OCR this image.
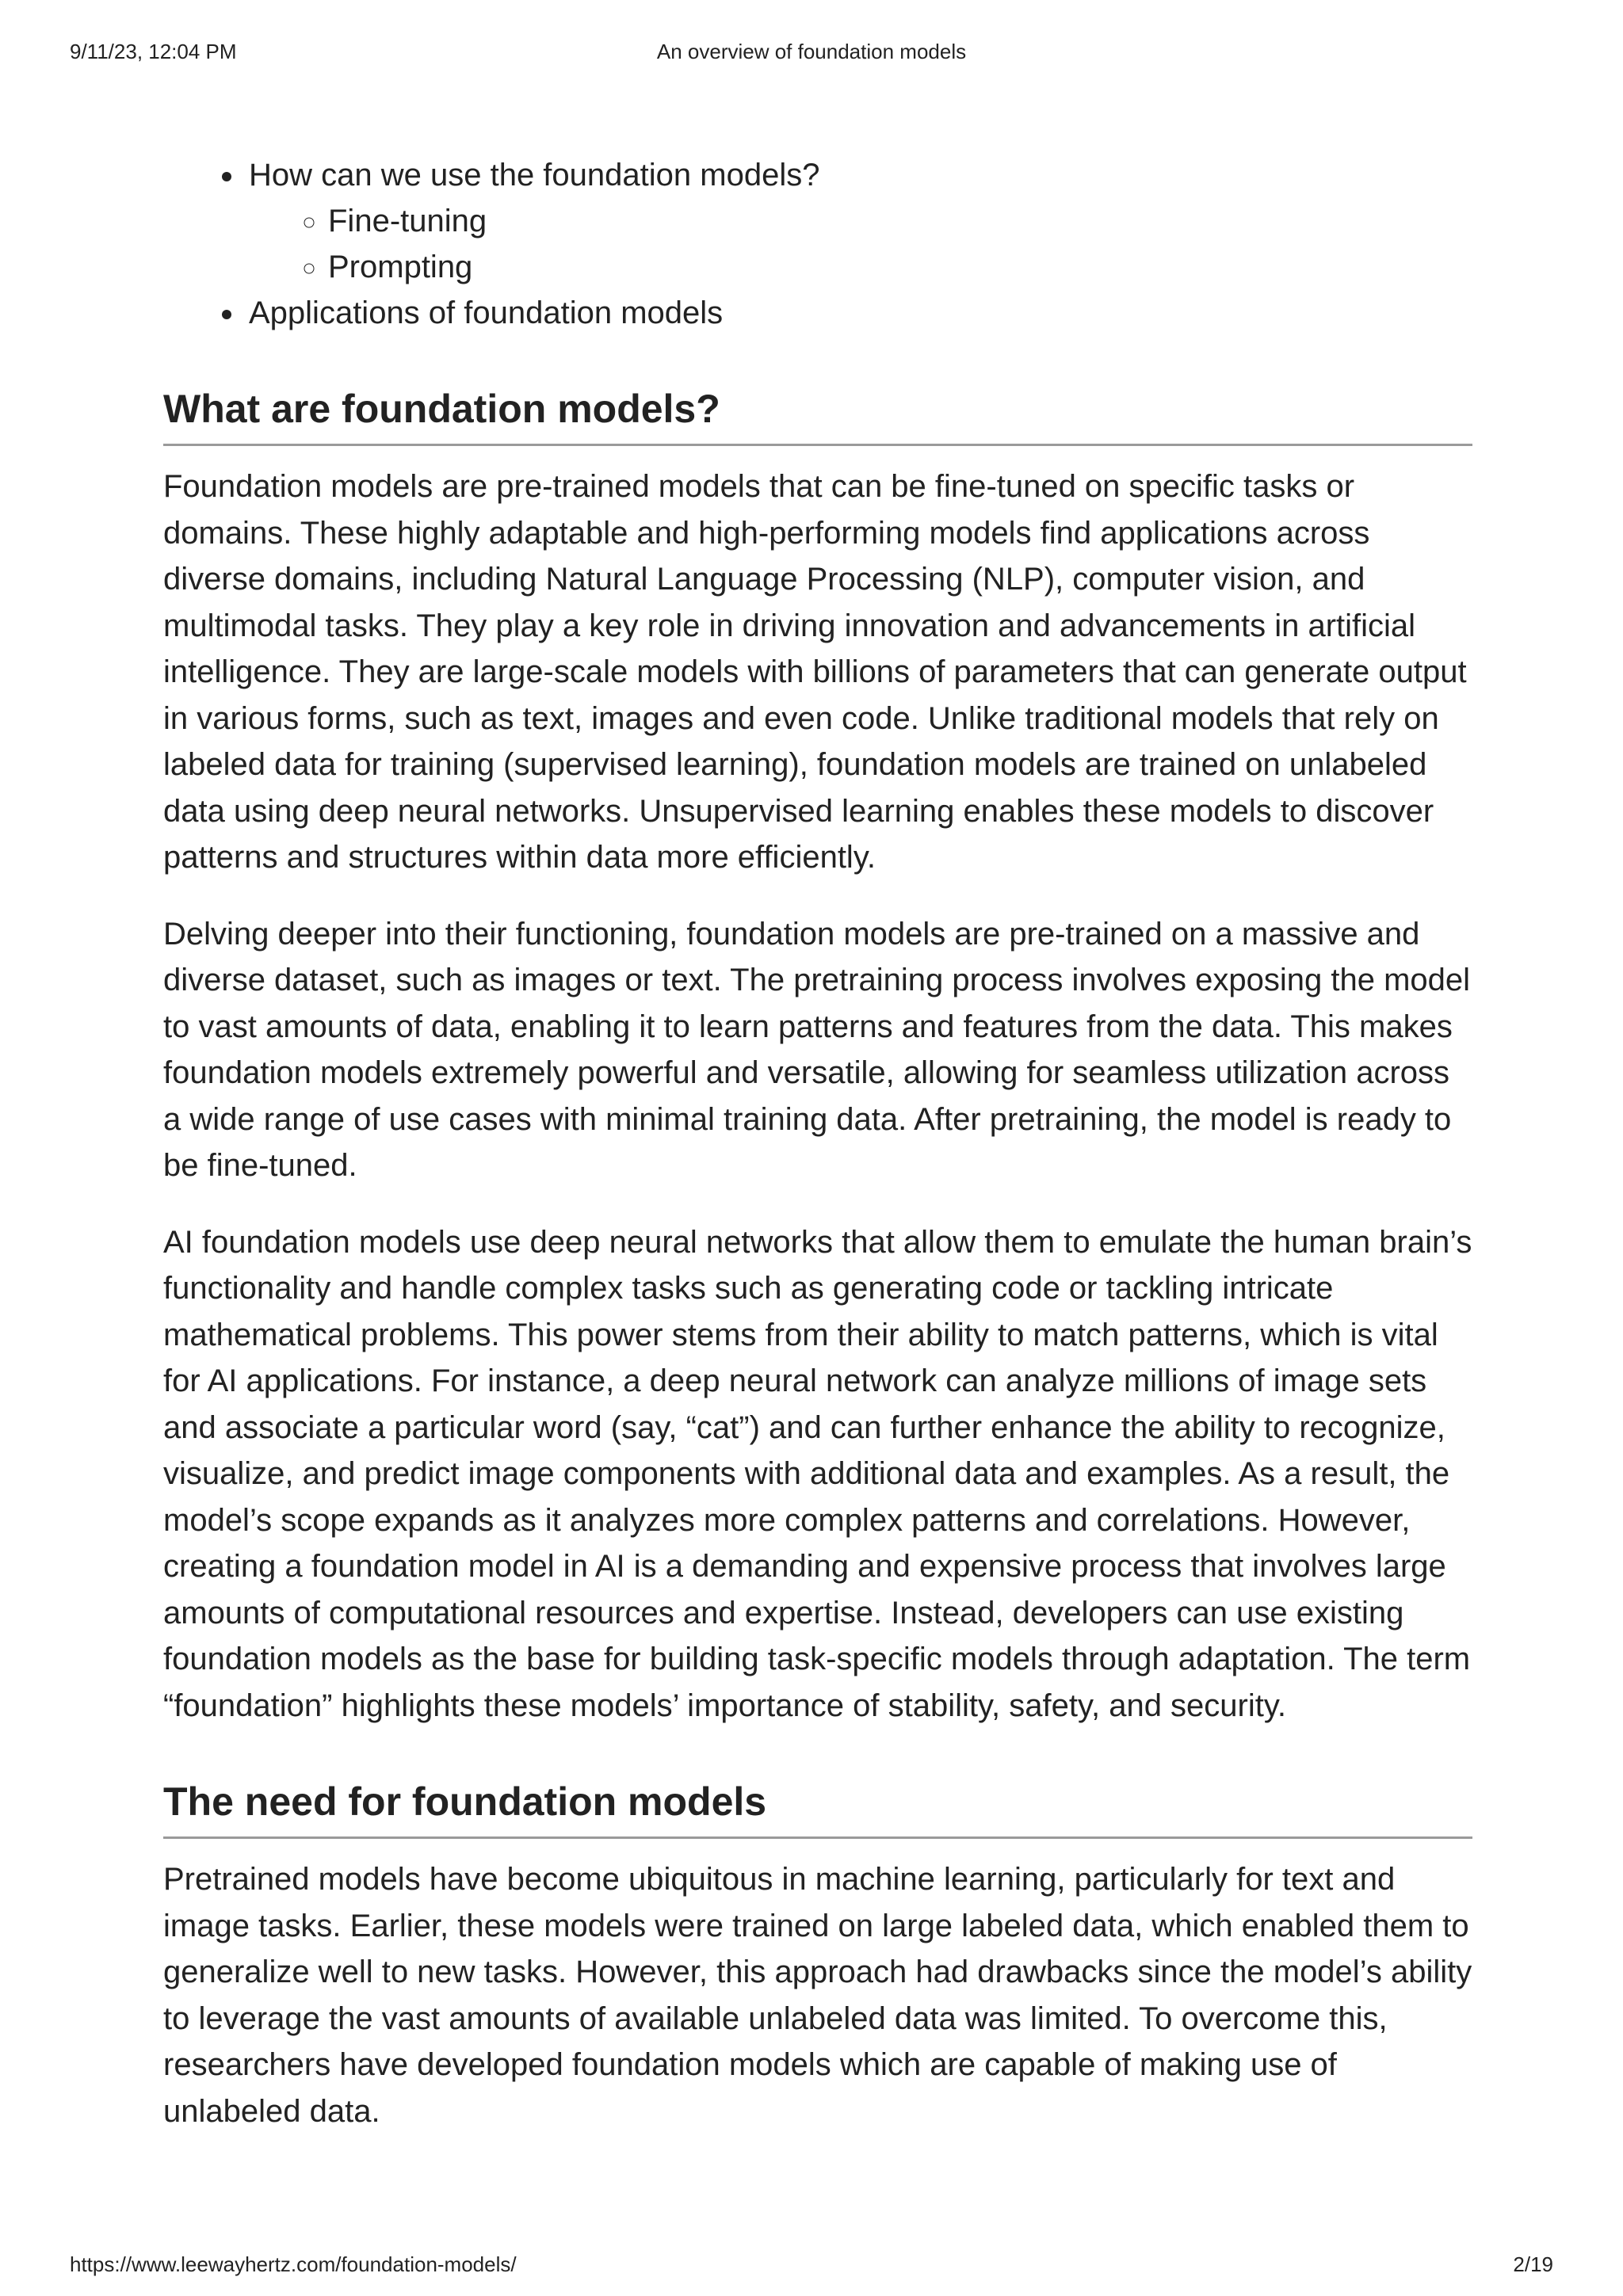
9/11/23, 12:04 PM	An overview of foundation models
• How can we use the foundation models?
◦ Fine-tuning
◦ Prompting
• Applications of foundation models
What are foundation models?

Foundation models are pre-trained models that can be fine-tuned on specific tasks or domains. These highly adaptable and high-performing models find applications across diverse domains, including Natural Language Processing (NLP), computer vision, and multimodal tasks. They play a key role in driving innovation and advancements in artificial intelligence. They are large-scale models with billions of parameters that can generate output in various forms, such as text, images and even code. Unlike traditional models that rely on labeled data for training (supervised learning), foundation models are trained on unlabeled data using deep neural networks. Unsupervised learning enables these models to discover patterns and structures within data more efficiently.

Delving deeper into their functioning, foundation models are pre-trained on a massive and diverse dataset, such as images or text. The pretraining process involves exposing the model to vast amounts of data, enabling it to learn patterns and features from the data. This makes foundation models extremely powerful and versatile, allowing for seamless utilization across a wide range of use cases with minimal training data. After pretraining, the model is ready to be fine-tuned.

AI foundation models use deep neural networks that allow them to emulate the human brain’s functionality and handle complex tasks such as generating code or tackling intricate mathematical problems. This power stems from their ability to match patterns, which is vital for AI applications. For instance, a deep neural network can analyze millions of image sets and associate a particular word (say, “cat”) and can further enhance the ability to recognize, visualize, and predict image components with additional data and examples. As a result, the model’s scope expands as it analyzes more complex patterns and correlations. However, creating a foundation model in AI is a demanding and expensive process that involves large amounts of computational resources and expertise. Instead, developers can use existing foundation models as the base for building task-specific models through adaptation. The term “foundation” highlights these models’ importance of stability, safety, and security.

The need for foundation models

Pretrained models have become ubiquitous in machine learning, particularly for text and image tasks. Earlier, these models were trained on large labeled data, which enabled them to generalize well to new tasks. However, this approach had drawbacks since the model’s ability to leverage the vast amounts of available unlabeled data was limited. To overcome this, researchers have developed foundation models which are capable of making use of unlabeled data.

https://www.leewayhertz.com/foundation-models/	2/19
